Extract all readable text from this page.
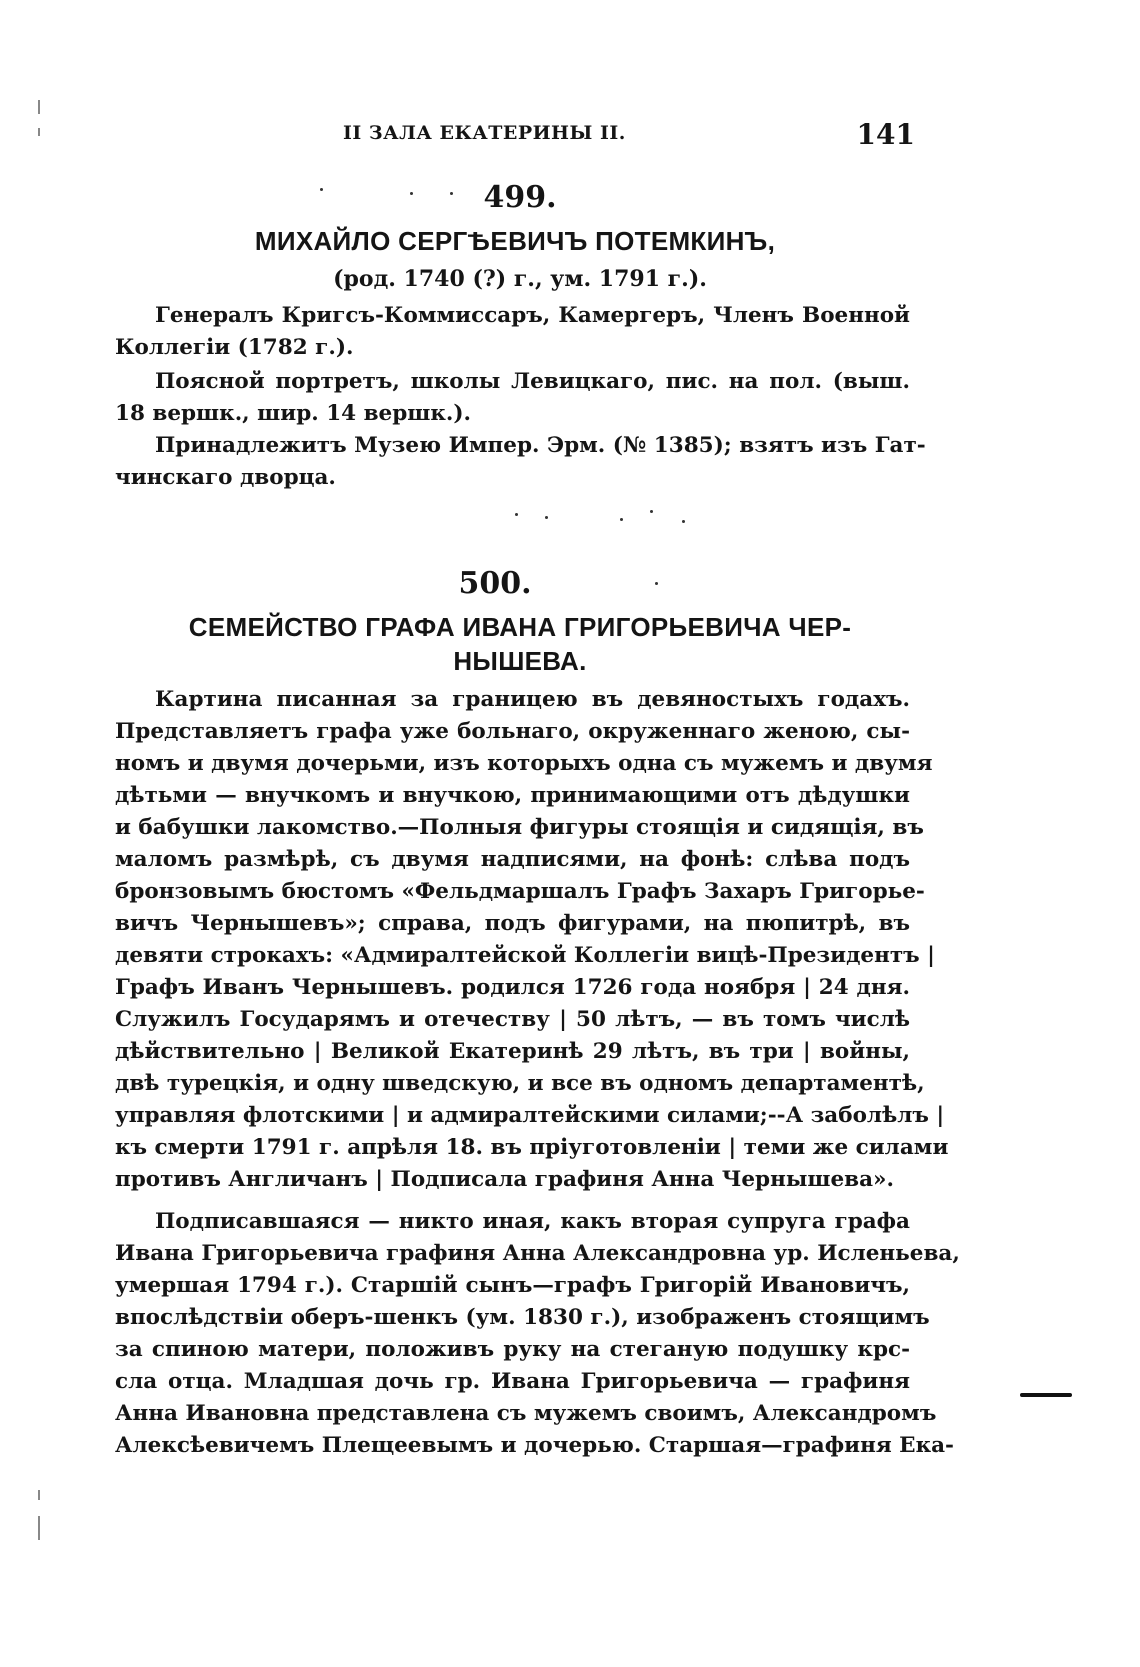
II ЗАЛА ЕКАТЕРИНЫ II.	141
499.
МИХАЙЛО СЕРГѢЕВИЧЪ ПОТЕМКИНЪ,
(род. 1740 (?) г., ум. 1791 г.).
Генералъ Кригсъ-Коммиссаръ, Камергеръ, Членъ Военной
Коллегіи (1782 г.).
Поясной портретъ, школы Левицкаго, пис. на пол. (выш.
18 вершк., шир. 14 вершк.).
Принадлежитъ Музею Импер. Эрм. (№ 1385); взятъ изъ Гат-
чинскаго дворца.
500.
СЕМЕЙСТВО ГРАФА ИВАНА ГРИГОРЬЕВИЧА ЧЕР-
НЫШЕВА.
Картина писанная за границею въ девяностыхъ годахъ.
Представляетъ графа уже больнаго, окруженнаго женою, сы-
номъ и двумя дочерьми, изъ которыхъ одна съ мужемъ и двумя
дѣтьми — внучкомъ и внучкою, принимающими отъ дѣдушки
и бабушки лакомство.—Полныя фигуры стоящія и сидящія, въ
маломъ размѣрѣ, съ двумя надписями, на фонѣ: слѣва подъ
бронзовымъ бюстомъ «Фельдмаршалъ Графъ Захаръ Григорье-
вичъ Чернышевъ»; справа, подъ фигурами, на пюпитрѣ, въ
девяти строкахъ: «Адмиралтейской Коллегіи вицѣ-Президентъ |
Графъ Иванъ Чернышевъ. родился 1726 года ноября | 24 дня.
Служилъ Государямъ и отечеству | 50 лѣтъ, — въ томъ числѣ
дѣйствительно | Великой Екатеринѣ 29 лѣтъ, въ три | войны,
двѣ турецкія, и одну шведскую, и все въ одномъ департаментѣ,
управляя флотскими | и адмиралтейскими силами;--А заболѣлъ |
къ смерти 1791 г. апрѣля 18. въ пріуготовленіи | теми же силами
противъ Англичанъ | Подписала графиня Анна Чернышева».
Подписавшаяся — никто иная, какъ вторая супруга графа
Ивана Григорьевича графиня Анна Александровна ур. Исленьева,
умершая 1794 г.). Старшій сынъ—графъ Григорій Ивановичъ,
впослѣдствіи оберъ-шенкъ (ум. 1830 г.), изображенъ стоящимъ
за спиною матери, положивъ руку на стеганую подушку крс-
сла отца. Младшая дочь гр. Ивана Григорьевича — графиня
Анна Ивановна представлена съ мужемъ своимъ, Александромъ
Алексѣевичемъ Плещеевымъ и дочерью. Старшая—графиня Ека-
